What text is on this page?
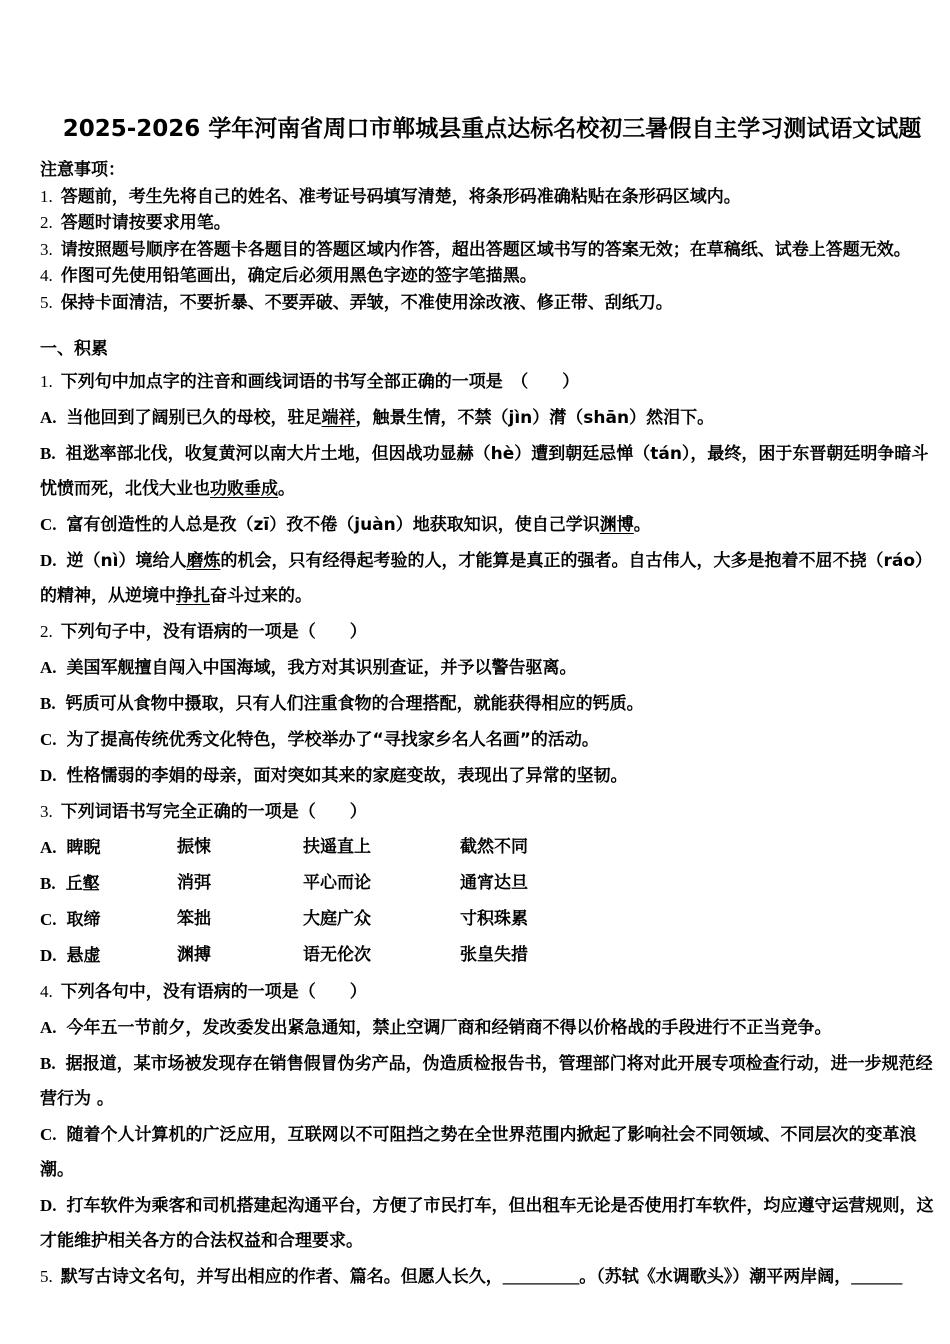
2025-2026 学年河南省周口市郸城县重点达标名校初三暑假自主学习测试语文试题

注意事项：

1. 答题前，考生先将自己的姓名、准考证号码填写清楚，将条形码准确粘贴在条形码区域内。

2. 答题时请按要求用笔。

3. 请按照题号顺序在答题卡各题目的答题区域内作答，超出答题区域书写的答案无效；在草稿纸、试卷上答题无效。

4. 作图可先使用铅笔画出，确定后必须用黑色字迹的签字笔描黑。

5. 保持卡面清洁，不要折暴、不要弄破、弄皱，不准使用涂改液、修正带、刮纸刀。

一、积累

1. 下列句中加点字的注音和画线词语的书写全部正确的一项是　（　　）

A. 当他回到了阔别已久的母校，驻足端祥，触景生情，不禁（jìn）潸（shān）然泪下。

B. 祖逖率部北伐，收复黄河以南大片土地，但因战功显赫（hè）遭到朝廷忌惮（tán），最终，困于东晋朝廷明争暗斗忧愤而死，北伐大业也功败垂成。

C. 富有创造性的人总是孜（zī）孜不倦（juàn）地获取知识，使自己学识渊博。

D. 逆（nì）境给人磨炼的机会，只有经得起考验的人，才能算是真正的强者。自古伟人，大多是抱着不屈不挠（ráo）的精神，从逆境中挣扎奋斗过来的。

2. 下列句子中，没有语病的一项是（　　）

A. 美国军舰擅自闯入中国海域，我方对其识别查证，并予以警告驱离。

B. 钙质可从食物中摄取，只有人们注重食物的合理搭配，就能获得相应的钙质。

C. 为了提高传统优秀文化特色，学校举办了“寻找家乡名人名画”的活动。

D. 性格懦弱的李娟的母亲，面对突如其来的家庭变故，表现出了异常的坚韧。

3. 下列词语书写完全正确的一项是（　　）

A. 睥睨	振悚	扶遥直上	截然不同

B. 丘壑	消弭	平心而论	通宵达旦

C. 取缔	笨拙	大庭广众	寸积珠累

D. 悬虚	渊搏	语无伦次	张皇失措

4. 下列各句中，没有语病的一项是（　　）

A. 今年五一节前夕，发改委发出紧急通知，禁止空调厂商和经销商不得以价格战的手段进行不正当竞争。

B. 据报道，某市场被发现存在销售假冒伪劣产品，伪造质检报告书，管理部门将对此开展专项检查行动，进一步规范经营行为 。

C. 随着个人计算机的广泛应用，互联网以不可阻挡之势在全世界范围内掀起了影响社会不同领域、不同层次的变革浪潮。

D. 打车软件为乘客和司机搭建起沟通平台，方便了市民打车，但出租车无论是否使用打车软件，均应遵守运营规则，这才能维护相关各方的合法权益和合理要求。

5. 默写古诗文名句，并写出相应的作者、篇名。但愿人长久，_________。（苏轼《水调歌头》）潮平两岸阔，______
